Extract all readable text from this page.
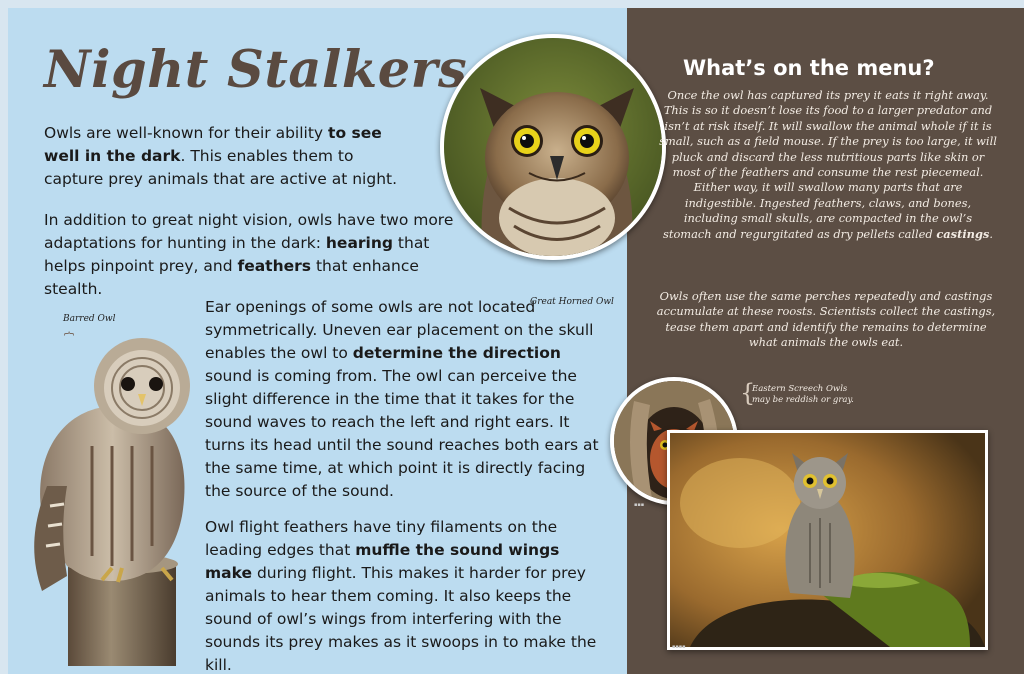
Night Stalkers
Owls are well-known for their ability to see well in the dark. This enables them to capture prey animals that are active at night.
In addition to great night vision, owls have two more adaptations for hunting in the dark: hearing that helps pinpoint prey, and feathers that enhance stealth.
Great Horned Owl
Barred Owl
{
Ear openings of some owls are not located symmetrically. Uneven ear placement on the skull enables the owl to determine the direction sound is coming from. The owl can perceive the slight difference in the time that it takes for the sound waves to reach the left and right ears. It turns its head until the sound reaches both ears at the same time, at which point it is directly facing the source of the sound.
Owl flight feathers have tiny filaments on the leading edges that muffle the sound wings make during flight. This makes it harder for prey animals to hear them coming. It also keeps the sound of owl’s wings from interfering with the sounds its prey makes as it swoops in to make the kill.
What’s on the menu?
Once the owl has captured its prey it eats it right away. This is so it doesn’t lose its food to a larger predator and isn’t at risk itself. It will swallow the animal whole if it is small, such as a field mouse. If the prey is too large, it will pluck and discard the less nutritious parts like skin or most of the feathers and consume the rest piecemeal. Either way, it will swallow many parts that are indigestible. Ingested feathers, claws, and bones, including small skulls, are compacted in the owl’s stomach and regurgitated as dry pellets called castings.
Owls often use the same perches repeatedly and castings accumulate at these roosts. Scientists collect the castings, tease them apart and identify the remains to determine what animals the owls eat.
{
Eastern Screech Owls
may be reddish or gray.
▪▪▪
▪▪▪▪
